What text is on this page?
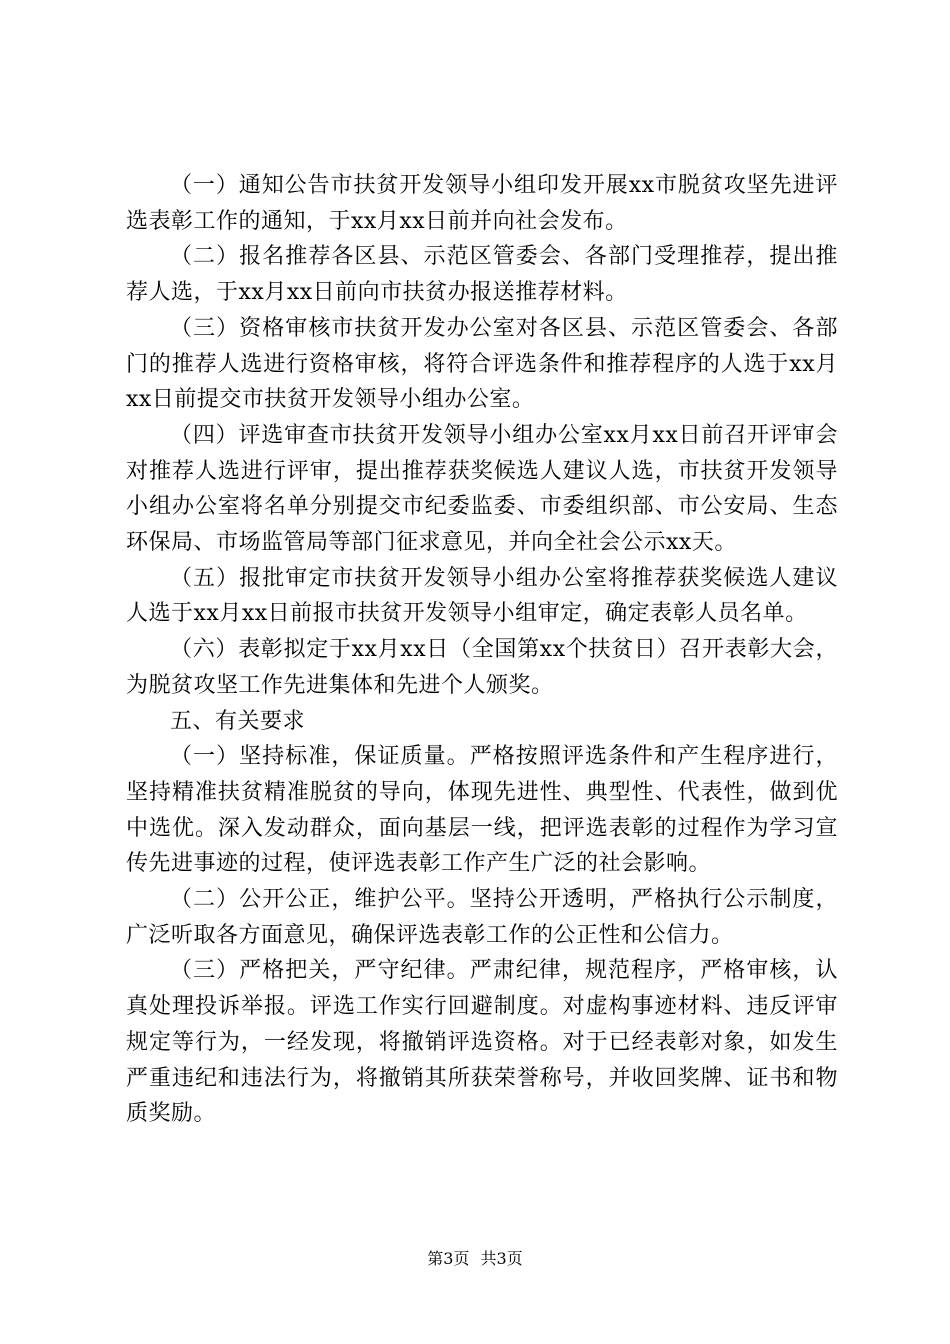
（一）通知公告市扶贫开发领导小组印发开展xx市脱贫攻坚先进评选表彰工作的通知，于xx月xx日前并向社会发布。

（二）报名推荐各区县、示范区管委会、各部门受理推荐，提出推荐人选，于xx月xx日前向市扶贫办报送推荐材料。

（三）资格审核市扶贫开发办公室对各区县、示范区管委会、各部门的推荐人选进行资格审核，将符合评选条件和推荐程序的人选于xx月xx日前提交市扶贫开发领导小组办公室。

（四）评选审查市扶贫开发领导小组办公室xx月xx日前召开评审会对推荐人选进行评审，提出推荐获奖候选人建议人选，市扶贫开发领导小组办公室将名单分别提交市纪委监委、市委组织部、市公安局、生态环保局、市场监管局等部门征求意见，并向全社会公示xx天。

（五）报批审定市扶贫开发领导小组办公室将推荐获奖候选人建议人选于xx月xx日前报市扶贫开发领导小组审定，确定表彰人员名单。

（六）表彰拟定于xx月xx日（全国第xx个扶贫日）召开表彰大会，为脱贫攻坚工作先进集体和先进个人颁奖。

五、有关要求

（一）坚持标准，保证质量。严格按照评选条件和产生程序进行，坚持精准扶贫精准脱贫的导向，体现先进性、典型性、代表性，做到优中选优。深入发动群众，面向基层一线，把评选表彰的过程作为学习宣传先进事迹的过程，使评选表彰工作产生广泛的社会影响。

（二）公开公正，维护公平。坚持公开透明，严格执行公示制度，广泛听取各方面意见，确保评选表彰工作的公正性和公信力。

（三）严格把关，严守纪律。严肃纪律，规范程序，严格审核，认真处理投诉举报。评选工作实行回避制度。对虚构事迹材料、违反评审规定等行为，一经发现，将撤销评选资格。对于已经表彰对象，如发生严重违纪和违法行为，将撤销其所获荣誉称号，并收回奖牌、证书和物质奖励。

第3页 共3页
